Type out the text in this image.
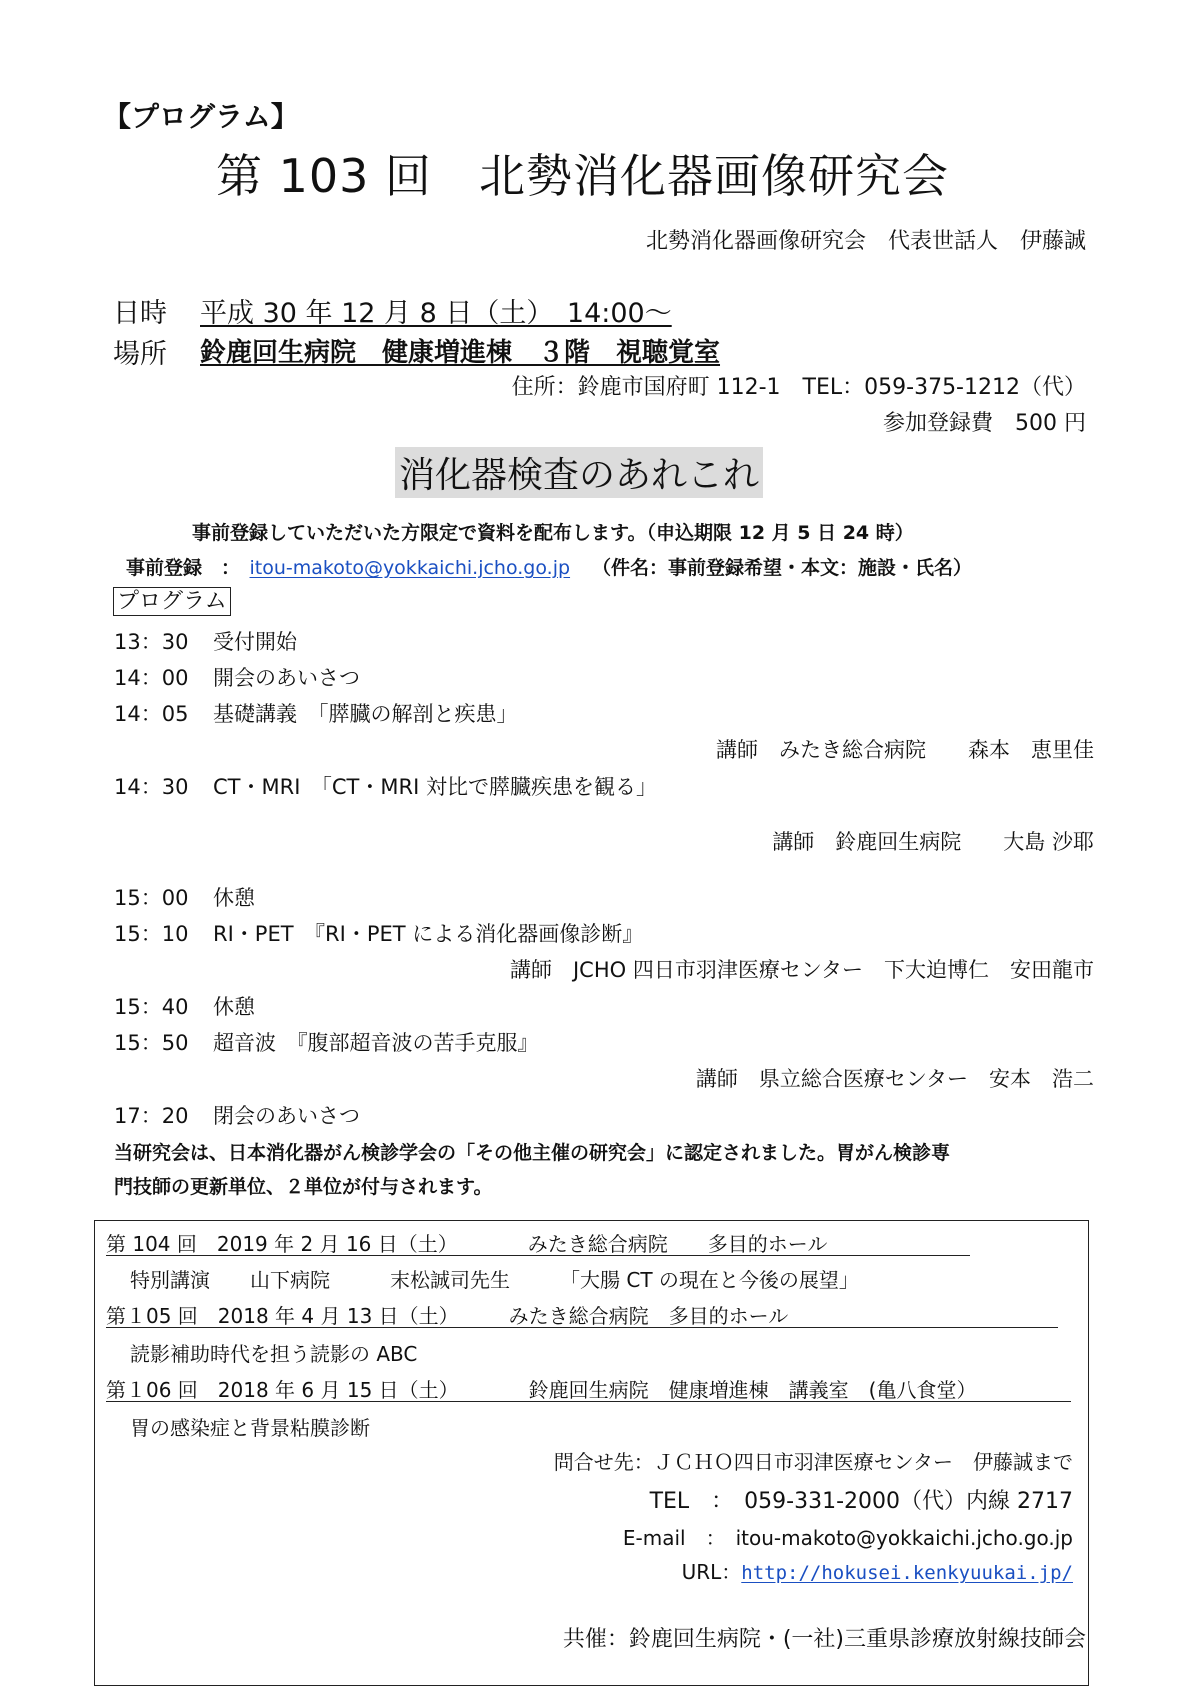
【プログラム】
第 103 回　北勢消化器画像研究会
北勢消化器画像研究会　代表世話人　伊藤誠
日時 平成 30 年 12 月 8 日（土）　14:00～
場所 鈴鹿回生病院　健康増進棟　３階　視聴覚室
住所：鈴鹿市国府町 112-1　TEL：059-375-1212（代）
参加登録費　500 円
消化器検査のあれこれ
事前登録していただいた方限定で資料を配布します。（申込期限 12 月 5 日 24 時）
事前登録　：　itou-makoto@yokkaichi.jcho.go.jp （件名：事前登録希望・本文：施設・氏名）
プログラム
13：30	受付開始
14：00	開会のあいさつ
14：05	基礎講義　「膵臓の解剖と疾患」
講師　みたき総合病院　　森本　恵里佳
14：30	CT・MRI　「CT・MRI 対比で膵臓疾患を観る」
講師　鈴鹿回生病院　　大島 沙耶
15：00	休憩
15：10	RI・PET　『RI・PET による消化器画像診断』
講師　JCHO 四日市羽津医療センター　下大迫博仁　安田龍市
15：40	休憩
15：50	超音波　『腹部超音波の苦手克服』
講師　県立総合医療センター　安本　浩二
17：20	閉会のあいさつ
当研究会は、日本消化器がん検診学会の「その他主催の研究会」に認定されました。胃がん検診専
門技師の更新単位、２単位が付与されます。
第 104 回　2019 年 2 月 16 日（土）　　　　みたき総合病院　　多目的ホール
特別講演　　山下病院　　　末松誠司先生　　　「大腸 CT の現在と今後の展望」
第１05 回　2018 年 4 月 13 日（土）　　　みたき総合病院　多目的ホール
読影補助時代を担う読影の ABC
第１06 回　2018 年 6 月 15 日（土）　　　　鈴鹿回生病院　健康増進棟　講義室　(亀八食堂）
胃の感染症と背景粘膜診断
問合せ先：ＪＣＨＯ四日市羽津医療センター　伊藤誠まで
TEL　：　059-331-2000（代）内線 2717
E-mail　：　itou-makoto@yokkaichi.jcho.go.jp
URL：http://hokusei.kenkyuukai.jp/
共催：鈴鹿回生病院・(一社)三重県診療放射線技師会
